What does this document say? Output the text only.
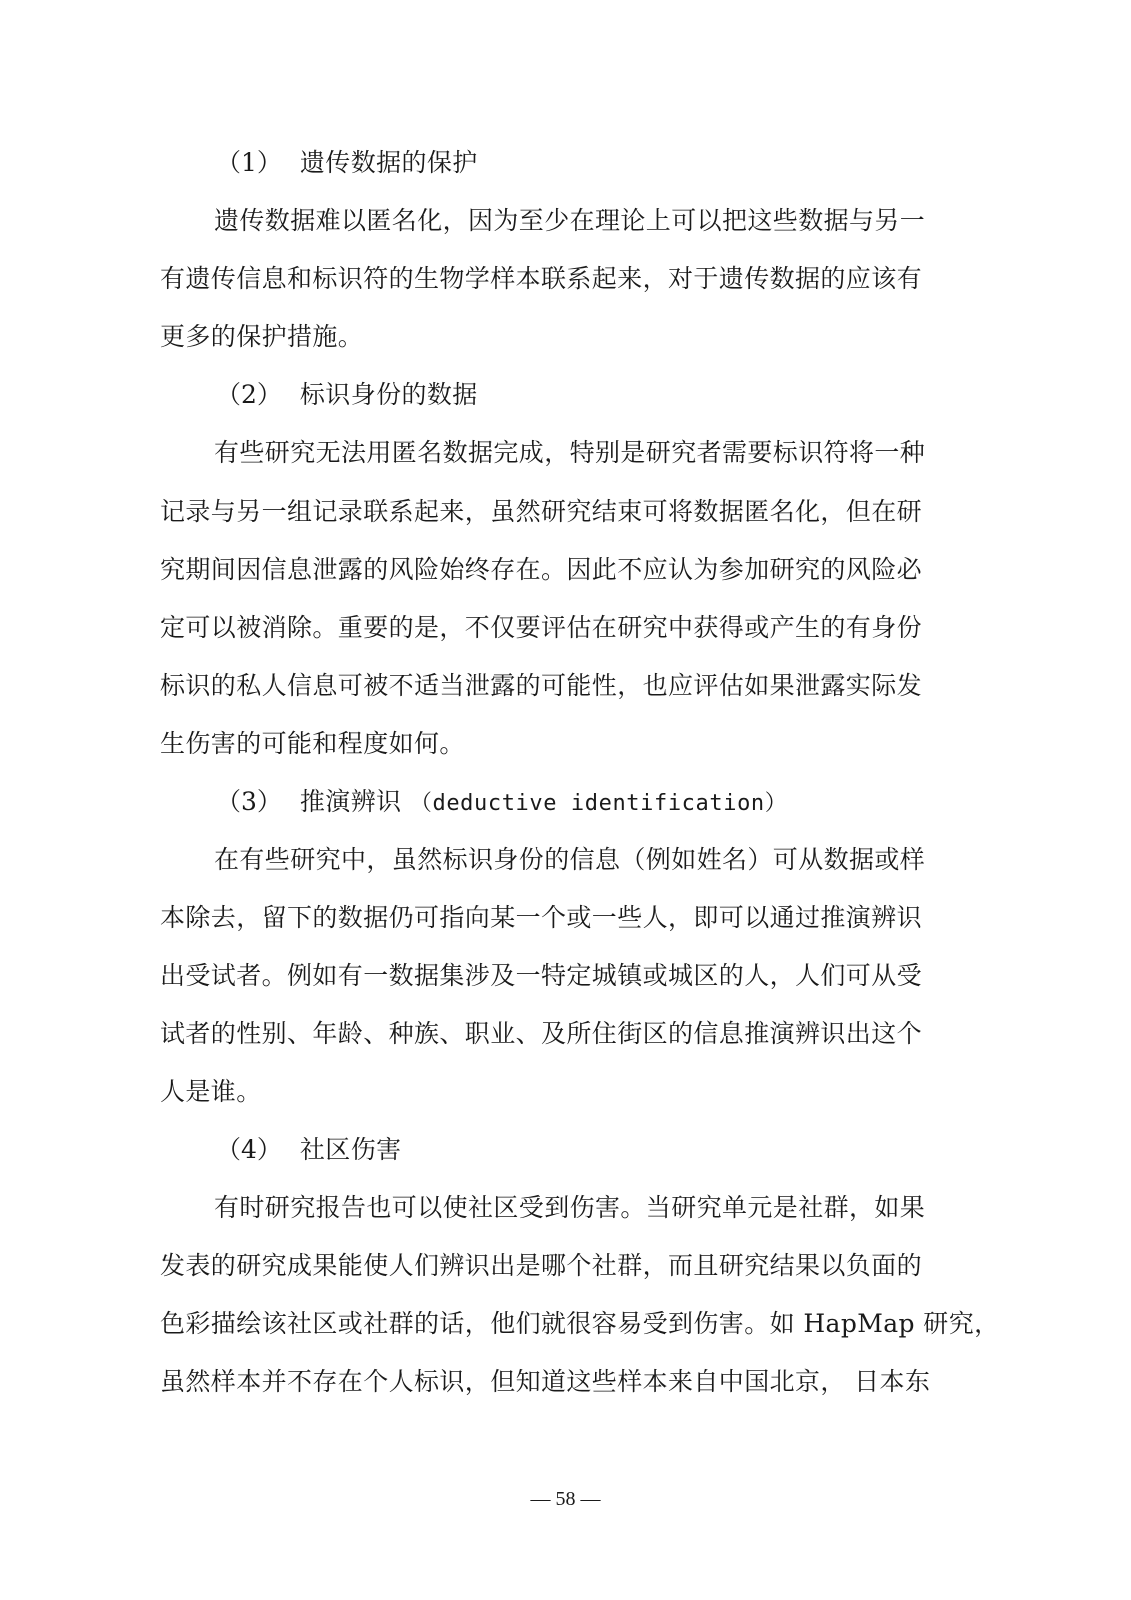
（1） 遗传数据的保护
遗传数据难以匿名化，因为至少在理论上可以把这些数据与另一
有遗传信息和标识符的生物学样本联系起来，对于遗传数据的应该有
更多的保护措施。
（2） 标识身份的数据
有些研究无法用匿名数据完成，特别是研究者需要标识符将一种
记录与另一组记录联系起来，虽然研究结束可将数据匿名化，但在研
究期间因信息泄露的风险始终存在。因此不应认为参加研究的风险必
定可以被消除。重要的是，不仅要评估在研究中获得或产生的有身份
标识的私人信息可被不适当泄露的可能性，也应评估如果泄露实际发
生伤害的可能和程度如何。
（3） 推演辨识 （deductive identification）
在有些研究中，虽然标识身份的信息（例如姓名）可从数据或样
本除去，留下的数据仍可指向某一个或一些人，即可以通过推演辨识
出受试者。例如有一数据集涉及一特定城镇或城区的人，人们可从受
试者的性别、年龄、种族、职业、及所住街区的信息推演辨识出这个
人是谁。
（4） 社区伤害
有时研究报告也可以使社区受到伤害。当研究单元是社群，如果
发表的研究成果能使人们辨识出是哪个社群，而且研究结果以负面的
色彩描绘该社区或社群的话，他们就很容易受到伤害。如 HapMap 研究，
虽然样本并不存在个人标识，但知道这些样本来自中国北京， 日本东
— 58 —
